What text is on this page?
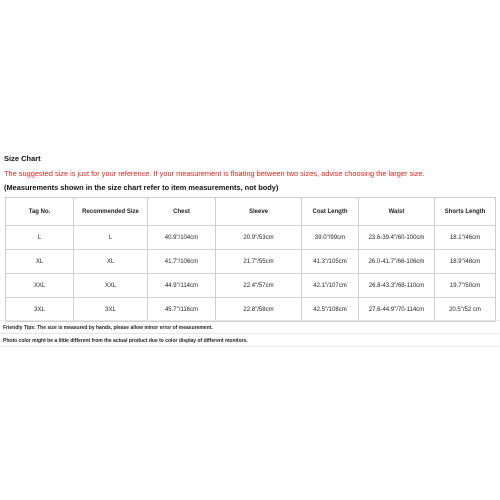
Size Chart
The suggested size is just for your reference. If your measurement is floating between two sizes, advise choosing the larger size.
(Measurements shown in the size chart refer to item measurements, not body)
Tag No.	Recommended Size	Chest	Sleeve	Coat Length	Waist	Shorts Length
L	L	40.9"/104cm	20.9"/53cm	39.0"/99cm	23.6-39.4"/60-100cm	18.1"/46cm
XL	XL	41.7"/106cm	21.7"/55cm	41.3"/105cm	26.0-41.7"/66-106cm	18.9"/48cm
XXL	XXL	44.9"/114cm	22.4"/57cm	42.1"/107cm	26.8-43.3"/68-110cm	19.7"/50cm
3XL	3XL	45.7"/116cm	22.8"/58cm	42.5"/108cm	27.6-44.9"/70-114cm	20.5"/52 cm
Friendly Tips: The size is measured by hands, please allow minor error of measurement.
Photo color might be a little different from the actual product due to color display of different monitors.
